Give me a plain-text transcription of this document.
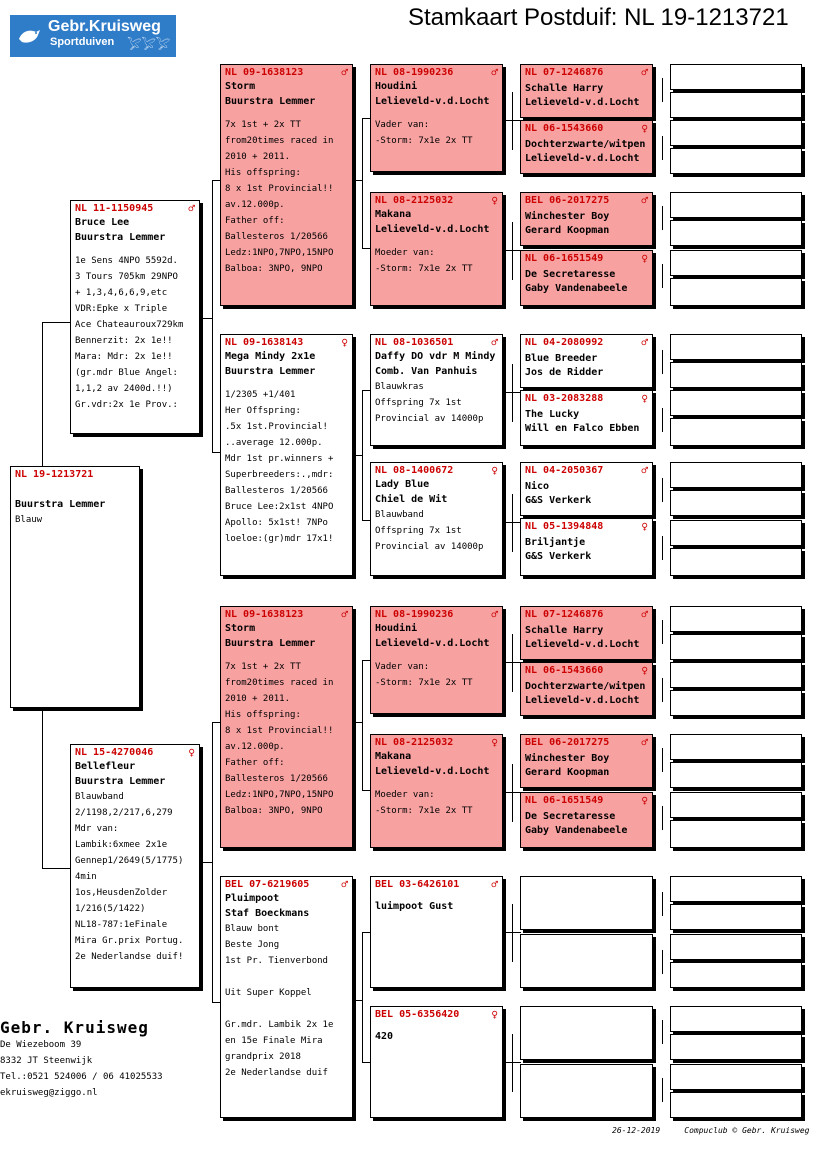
Stamkaart Postduif: NL 19-1213721
Gebr.Kruisweg
Sportduiven 𓅯𓅯𓅯
NL 19-1213721
Buurstra Lemmer
Blauw
NL 11-1150945	♂
Bruce Lee
Buurstra Lemmer
1e Sens 4NPO 5592d.
3 Tours 705km 29NPO
+ 1,3,4,6,6,9,etc
VDR:Epke x Triple
Ace Chateauroux729km
Bennerzit: 2x 1e!!
Mara: Mdr: 2x 1e!!
(gr.mdr Blue Angel:
1,1,2 av 2400d.!!)
Gr.vdr:2x 1e Prov.:
NL 15-4270046	♀
Bellefleur
Buurstra Lemmer
Blauwband
2/1198,2/217,6,279
Mdr van:
Lambik:6xmee 2x1e
Gennep1/2649(5/1775)
4min
1os,HeusdenZolder
1/216(5/1422)
NL18-787:1eFinale
Mira Gr.prix Portug.
2e Nederlandse duif!
NL 09-1638123	♂
Storm
Buurstra Lemmer
7x 1st + 2x TT
from20times raced in
2010 + 2011.
His offspring:
8 x 1st Provincial!!
av.12.000p.
Father off:
Ballesteros 1/20566
Ledz:1NPO,7NPO,15NPO
Balboa: 3NPO, 9NPO
NL 09-1638143	♀
Mega Mindy 2x1e
Buurstra Lemmer
1/2305 +1/401
Her Offspring:
.5x 1st.Provincial!
..average 12.000p.
Mdr 1st pr.winners +
Superbreeders:.,mdr:
Ballesteros 1/20566
Bruce Lee:2x1st 4NPO
Apollo: 5x1st! 7NPo
loeloe:(gr)mdr 17x1!
NL 09-1638123	♂
Storm
Buurstra Lemmer
7x 1st + 2x TT
from20times raced in
2010 + 2011.
His offspring:
8 x 1st Provincial!!
av.12.000p.
Father off:
Ballesteros 1/20566
Ledz:1NPO,7NPO,15NPO
Balboa: 3NPO, 9NPO
BEL 07-6219605	♂
Pluimpoot
Staf Boeckmans
Blauw bont
Beste Jong
1st Pr. Tienverbond
Uit Super Koppel
Gr.mdr. Lambik 2x 1e
en 15e Finale Mira
grandprix 2018
2e Nederlandse duif
NL 08-1990236	♂
Houdini
Lelieveld-v.d.Locht
Vader van:
-Storm: 7x1e 2x TT
NL 08-2125032	♀
Makana
Lelieveld-v.d.Locht
Moeder van:
-Storm: 7x1e 2x TT
NL 08-1036501	♂
Daffy DO vdr M Mindy
Comb. Van Panhuis
Blauwkras
Offspring 7x 1st
Provincial av 14000p
NL 08-1400672	♀
Lady Blue
Chiel de Wit
Blauwband
Offspring 7x 1st
Provincial av 14000p
NL 08-1990236	♂
Houdini
Lelieveld-v.d.Locht
Vader van:
-Storm: 7x1e 2x TT
NL 08-2125032	♀
Makana
Lelieveld-v.d.Locht
Moeder van:
-Storm: 7x1e 2x TT
BEL 03-6426101	♂
luimpoot Gust
BEL 05-6356420	♀
420
NL 07-1246876	♂
Schalle Harry
Lelieveld-v.d.Locht
NL 06-1543660	♀
Dochterzwarte/witpen
Lelieveld-v.d.Locht
BEL 06-2017275	♂
Winchester Boy
Gerard Koopman
NL 06-1651549	♀
De Secretaresse
Gaby Vandenabeele
NL 04-2080992	♂
Blue Breeder
Jos de Ridder
NL 03-2083288	♀
The Lucky
Will en Falco Ebben
NL 04-2050367	♂
Nico
G&S Verkerk
NL 05-1394848	♀
Briljantje
G&S Verkerk
NL 07-1246876	♂
Schalle Harry
Lelieveld-v.d.Locht
NL 06-1543660	♀
Dochterzwarte/witpen
Lelieveld-v.d.Locht
BEL 06-2017275	♂
Winchester Boy
Gerard Koopman
NL 06-1651549	♀
De Secretaresse
Gaby Vandenabeele
Gebr. Kruisweg
De Wiezeboom 39
8332 JT Steenwijk
Tel.:0521 524006 / 06 41025533
ekruisweg@ziggo.nl
26-12-2019	Compuclub © Gebr. Kruisweg
